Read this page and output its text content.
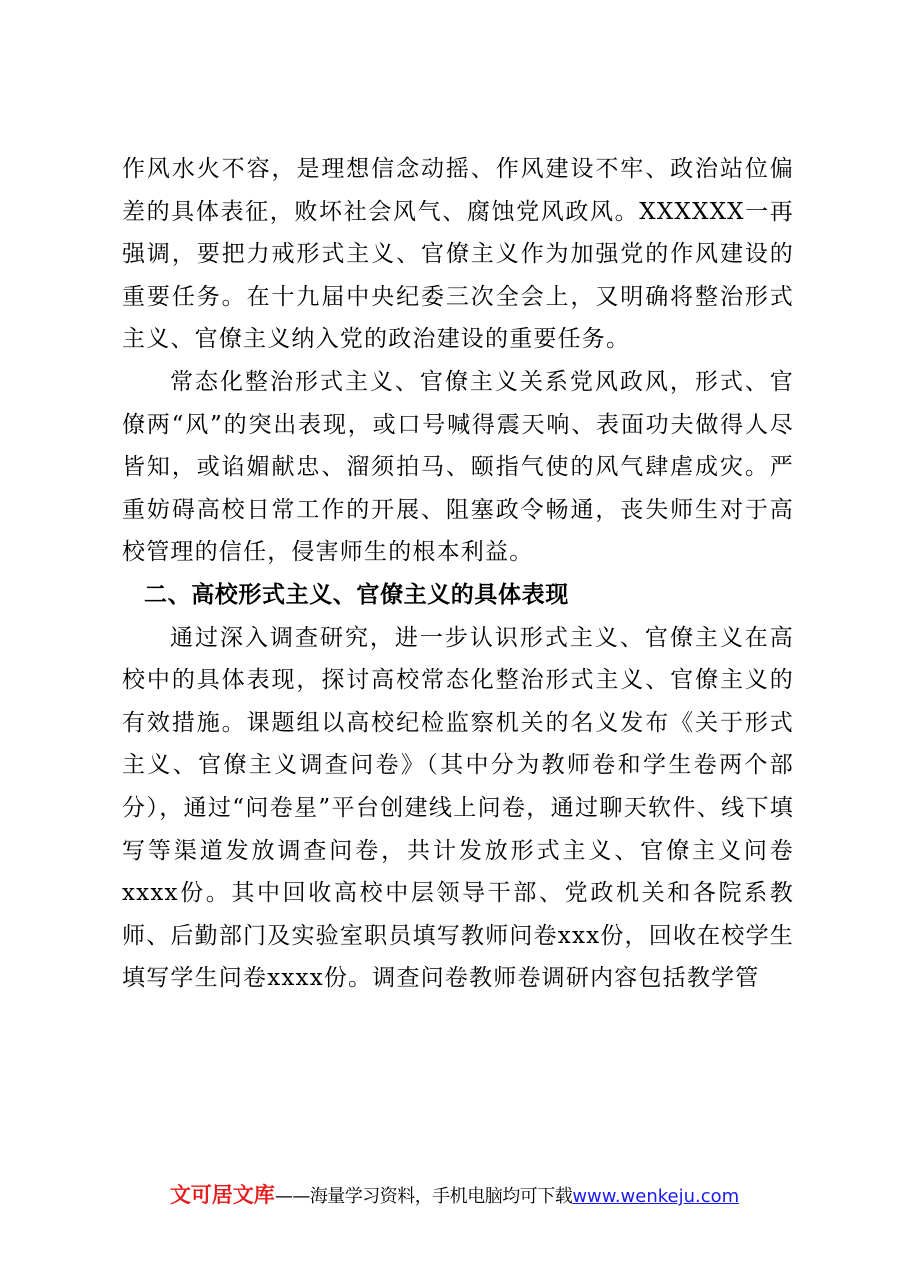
作风水火不容，是理想信念动摇、作风建设不牢、政治站位偏差的具体表征，败坏社会风气、腐蚀党风政风。XXXXXX一再强调，要把力戒形式主义、官僚主义作为加强党的作风建设的重要任务。在十九届中央纪委三次全会上，又明确将整治形式主义、官僚主义纳入党的政治建设的重要任务。

常态化整治形式主义、官僚主义关系党风政风，形式、官僚两“风”的突出表现，或口号喊得震天响、表面功夫做得人尽皆知，或谄媚献忠、溜须拍马、颐指气使的风气肆虐成灾。严重妨碍高校日常工作的开展、阻塞政令畅通，丧失师生对于高校管理的信任，侵害师生的根本利益。

二、高校形式主义、官僚主义的具体表现

通过深入调查研究，进一步认识形式主义、官僚主义在高校中的具体表现，探讨高校常态化整治形式主义、官僚主义的有效措施。课题组以高校纪检监察机关的名义发布《关于形式主义、官僚主义调查问卷》（其中分为教师卷和学生卷两个部分），通过“问卷星”平台创建线上问卷，通过聊天软件、线下填写等渠道发放调查问卷，共计发放形式主义、官僚主义问卷xxxx份。其中回收高校中层领导干部、党政机关和各院系教师、后勤部门及实验室职员填写教师问卷xxx份，回收在校学生填写学生问卷xxxx份。调查问卷教师卷调研内容包括教学管

文可居文库——海量学习资料，手机电脑均可下载www.wenkeju.com
